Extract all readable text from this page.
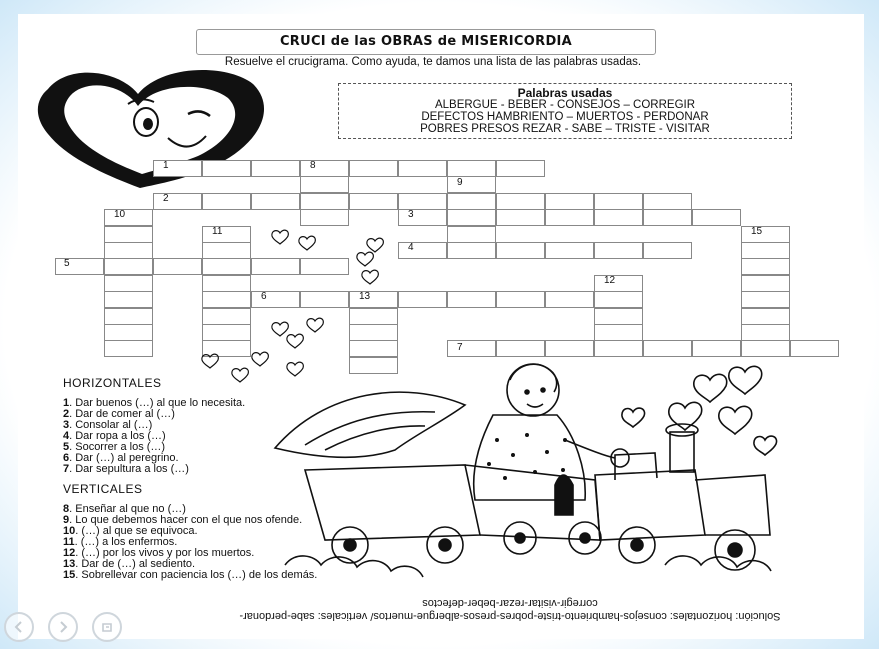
CRUCI de las OBRAS de MISERICORDIA
Resuelve el crucigrama. Como ayuda, te damos una lista de las palabras usadas.
Palabras usadas
ALBERGUE - BEBER - CONSEJOS – CORREGIR
DEFECTOS HAMBRIENTO – MUERTOS - PERDONAR
POBRES PRESOS REZAR - SABE – TRISTE - VISITAR
1
2
3
4
5
6
7
8
9
10
11
12
13
15
HORIZONTALES
1. Dar buenos (…) al que lo necesita.
2. Dar de comer al (…)
3. Consolar al (…)
4. Dar ropa a los (…)
5. Socorrer a los (…)
6. Dar (…) al peregrino.
7. Dar sepultura a los (…)
VERTICALES
8. Enseñar al que no (…)
9. Lo que debemos hacer con el que nos ofende.
10. (…) al que se equivoca.
11. (…) a los enfermos.
12. (…) por los vivos y por los muertos.
13. Dar de (…) al sediento.
15. Sobrellevar con paciencia los (…) de los demás.
Solución: horizontales: consejos-hambriento-triste-pobres-presos-albergue-muertos/ verticales: sabe-perdonar-corregir-visitar-rezar-beber-defectos
